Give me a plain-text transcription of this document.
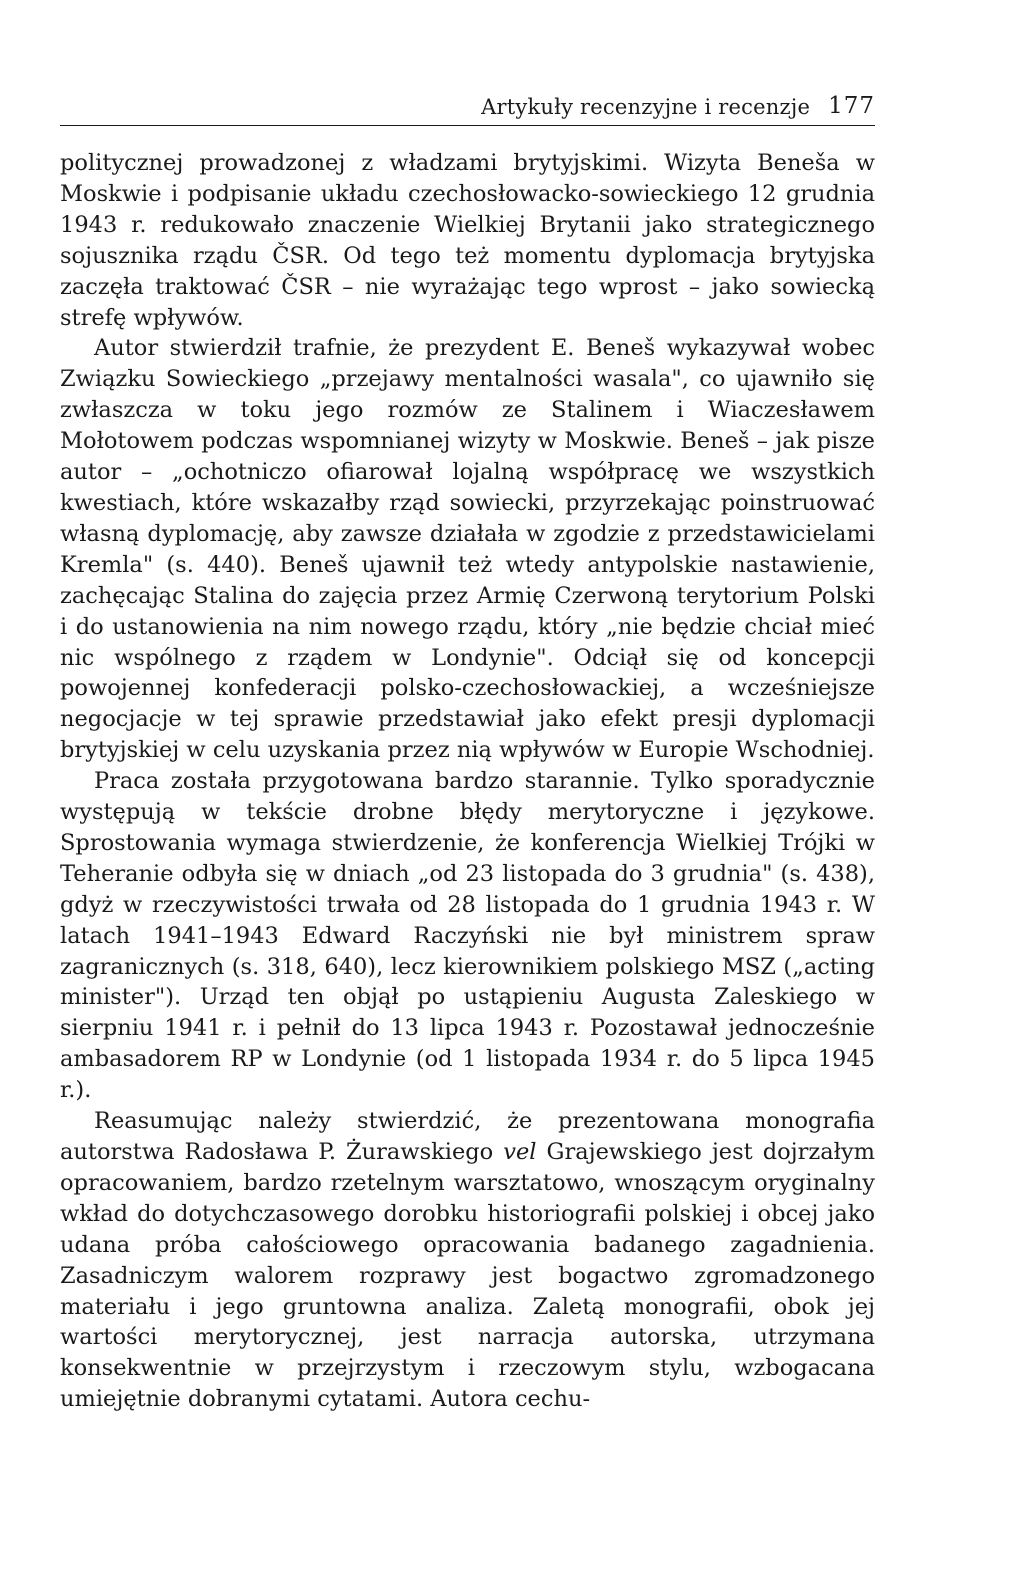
Artykuły recenzyjne i recenzje 177

politycznej prowadzonej z władzami brytyjskimi. Wizyta Beneša w Moskwie i podpisanie układu czechosłowacko-sowieckiego 12 grudnia 1943 r. redukowało znaczenie Wielkiej Brytanii jako strategicznego sojusznika rządu ČSR. Od tego też momentu dyplomacja brytyjska zaczęła traktować ČSR – nie wyrażając tego wprost – jako sowiecką strefę wpływów.

Autor stwierdził trafnie, że prezydent E. Beneš wykazywał wobec Związku Sowieckiego „przejawy mentalności wasala", co ujawniło się zwłaszcza w toku jego rozmów ze Stalinem i Wiaczesławem Mołotowem podczas wspomnianej wizyty w Moskwie. Beneš – jak pisze autor – „ochotniczo ofiarował lojalną współpracę we wszystkich kwestiach, które wskazałby rząd sowiecki, przyrzekając poinstruować własną dyplomację, aby zawsze działała w zgodzie z przedstawicielami Kremla" (s. 440). Beneš ujawnił też wtedy antypolskie nastawienie, zachęcając Stalina do zajęcia przez Armię Czerwoną terytorium Polski i do ustanowienia na nim nowego rządu, który „nie będzie chciał mieć nic wspólnego z rządem w Londynie". Odciął się od koncepcji powojennej konfederacji polsko-czechosłowackiej, a wcześniejsze negocjacje w tej sprawie przedstawiał jako efekt presji dyplomacji brytyjskiej w celu uzyskania przez nią wpływów w Europie Wschodniej.

Praca została przygotowana bardzo starannie. Tylko sporadycznie występują w tekście drobne błędy merytoryczne i językowe. Sprostowania wymaga stwierdzenie, że konferencja Wielkiej Trójki w Teheranie odbyła się w dniach „od 23 listopada do 3 grudnia" (s. 438), gdyż w rzeczywistości trwała od 28 listopada do 1 grudnia 1943 r. W latach 1941–1943 Edward Raczyński nie był ministrem spraw zagranicznych (s. 318, 640), lecz kierownikiem polskiego MSZ („acting minister"). Urząd ten objął po ustąpieniu Augusta Zaleskiego w sierpniu 1941 r. i pełnił do 13 lipca 1943 r. Pozostawał jednocześnie ambasadorem RP w Londynie (od 1 listopada 1934 r. do 5 lipca 1945 r.).

Reasumując należy stwierdzić, że prezentowana monografia autorstwa Radosława P. Żurawskiego vel Grajewskiego jest dojrzałym opracowaniem, bardzo rzetelnym warsztatowo, wnoszącym oryginalny wkład do dotychczasowego dorobku historiografii polskiej i obcej jako udana próba całościowego opracowania badanego zagadnienia. Zasadniczym walorem rozprawy jest bogactwo zgromadzonego materiału i jego gruntowna analiza. Zaletą monografii, obok jej wartości merytorycznej, jest narracja autorska, utrzymana konsekwentnie w przejrzystym i rzeczowym stylu, wzbogacana umiejętnie dobranymi cytatami. Autora cechu-
